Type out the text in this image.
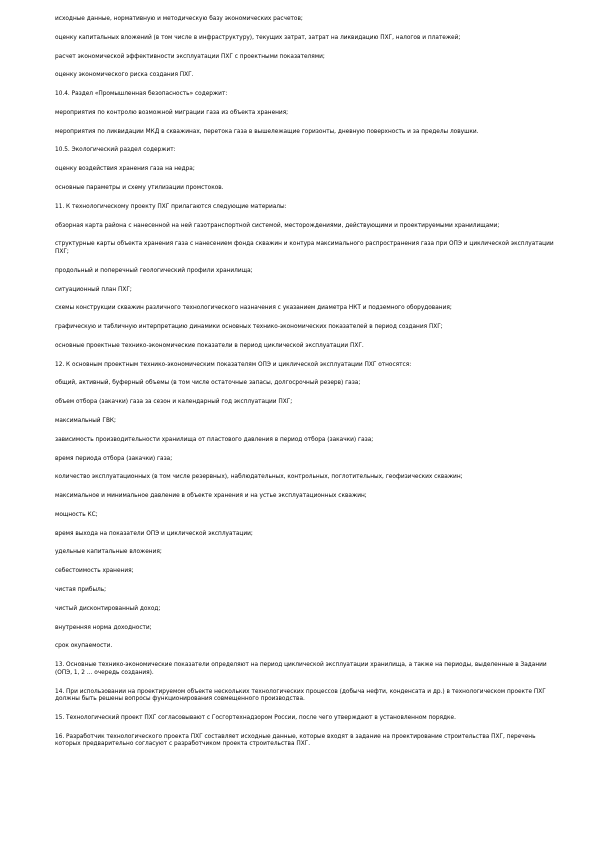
исходные данные, нормативную и методическую базу экономических расчетов;

оценку капитальных вложений (в том числе в инфраструктуру), текущих затрат, затрат на ликвидацию ПХГ, налогов и платежей;

расчет экономической эффективности эксплуатации ПХГ с проектными показателями;

оценку экономического риска создания ПХГ.

10.4. Раздел «Промышленная безопасность» содержит:

мероприятия по контролю возможной миграции газа из объекта хранения;

мероприятия по ликвидации МКД в скважинах, перетока газа в вышележащие горизонты, дневную поверхность и за пределы ловушки.

10.5. Экологический раздел содержит:

оценку воздействия хранения газа на недра;

основные параметры и схему утилизации промстоков.

11. К технологическому проекту ПХГ прилагаются следующие материалы:

обзорная карта района с нанесенной на ней газотранспортной системой, месторождениями, действующими и проектируемыми хранилищами;

структурные карты объекта хранения газа с нанесением фонда скважин и контура максимального распространения газа при ОПЭ и циклической эксплуатации ПХГ;

продольный и поперечный геологический профили хранилища;

ситуационный план ПХГ;

схемы конструкции скважин различного технологического назначения с указанием диаметра НКТ и подземного оборудования;

графическую и табличную интерпретацию динамики основных технико-экономических показателей в период создания ПХГ;

основные проектные технико-экономические показатели в период циклической эксплуатации ПХГ.

12. К основным проектным технико-экономическим показателям ОПЭ и циклической эксплуатации ПХГ относятся:

общий, активный, буферный объемы (в том числе остаточные запасы, долгосрочный резерв) газа;

объем отбора (закачки) газа за сезон и календарный год эксплуатации ПХГ;

максимальный ГВК;

зависимость производительности хранилища от пластового давления в период отбора (закачки) газа;

время периода отбора (закачки) газа;

количество эксплуатационных (в том числе резервных), наблюдательных, контрольных, поглотительных, геофизических скважин;

максимальное и минимальное давление в объекте хранения и на устье эксплуатационных скважин;

мощность КС;

время выхода на показатели ОПЭ и циклической эксплуатации;

удельные капитальные вложения;

себестоимость хранения;

чистая прибыль;

чистый дисконтированный доход;

внутренняя норма доходности;

срок окупаемости.

13. Основные технико-экономические показатели определяют на период циклической эксплуатации хранилища, а также на периоды, выделенные в Задании (ОПЭ, 1, 2 ... очередь создания).

14. При использовании на проектируемом объекте нескольких технологических процессов (добыча нефти, конденсата и др.) в технологическом проекте ПХГ должны быть решены вопросы функционирования совмещенного производства.

15. Технологический проект ПХГ согласовывают с Госгортехнадзором России, после чего утверждают в установленном порядке.

16. Разработчик технологического проекта ПХГ составляет исходные данные, которые входят в задание на проектирование строительства ПХГ, перечень которых предварительно согласуют с разработчиком проекта строительства ПХГ.
